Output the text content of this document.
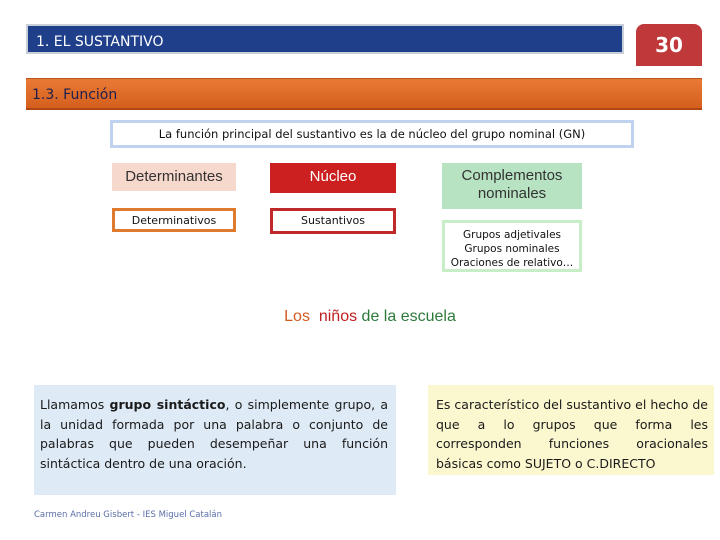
1. EL SUSTANTIVO	30
1.3. Función
La función principal del sustantivo es la de núcleo del grupo nominal (GN)
Determinantes	Núcleo	Complementos
nominales
Determinativos	Sustantivos
Grupos adjetivales
Grupos nominales
Oraciones de relativo…
Los niños de la escuela
Llamamos grupo sintáctico, o simplemente grupo, a la unidad formada por una palabra o conjunto de palabras que pueden desempeñar una función sintáctica dentro de una oración.
Es característico del sustantivo el hecho de que a lo grupos que forma les corresponden funciones oracionales básicas como SUJETO o C.DIRECTO
Carmen Andreu Gisbert - IES Miguel Catalán
